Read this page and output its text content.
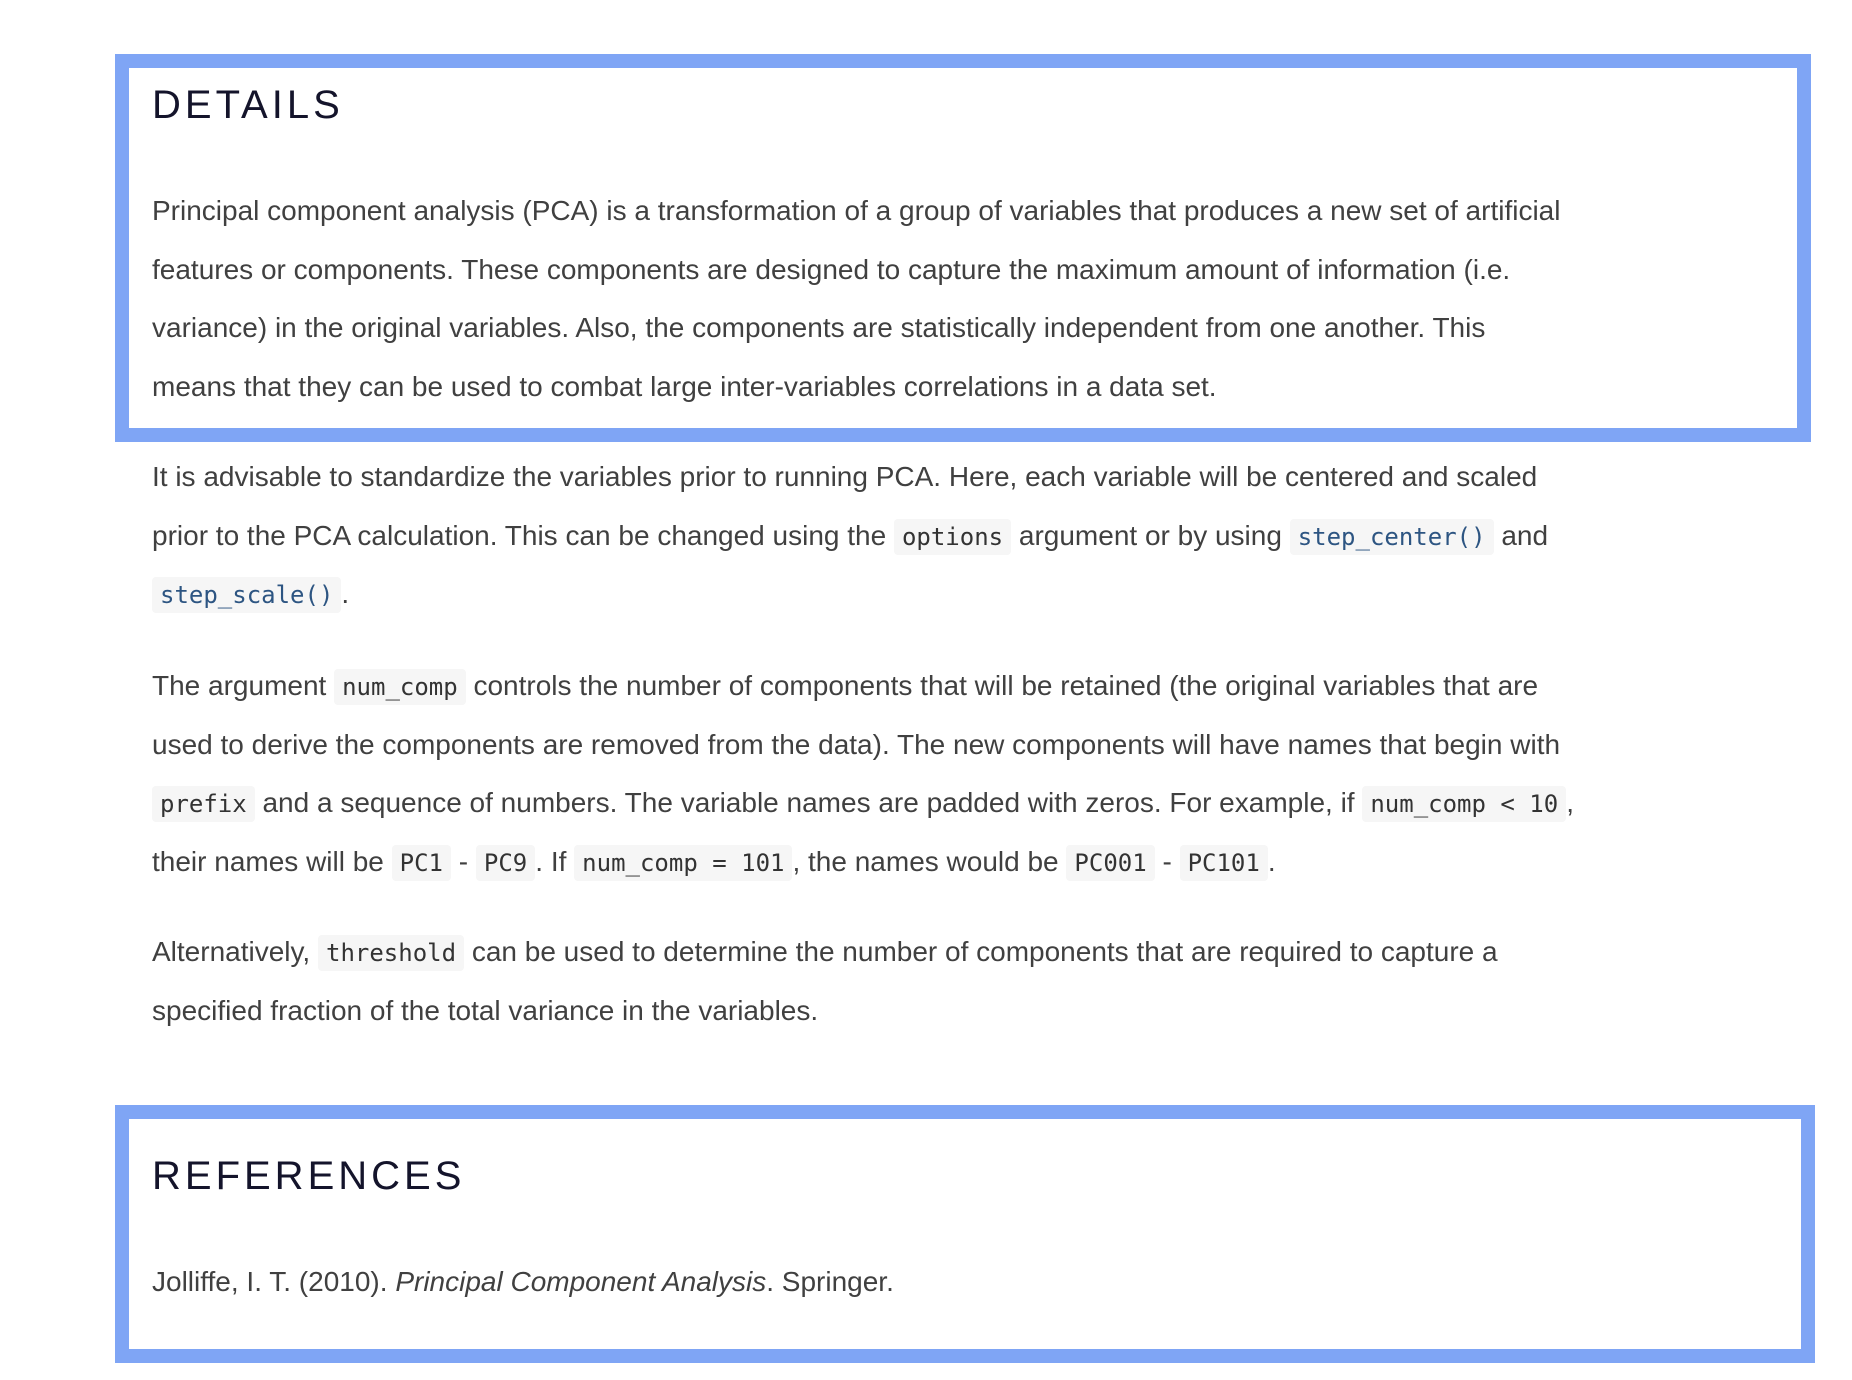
DETAILS
Principal component analysis (PCA) is a transformation of a group of variables that produces a new set of artificial
features or components. These components are designed to capture the maximum amount of information (i.e.
variance) in the original variables. Also, the components are statistically independent from one another. This
means that they can be used to combat large inter-variables correlations in a data set.
It is advisable to standardize the variables prior to running PCA. Here, each variable will be centered and scaled
prior to the PCA calculation. This can be changed using the options argument or by using step_center() and
step_scale() .
The argument num_comp controls the number of components that will be retained (the original variables that are
used to derive the components are removed from the data). The new components will have names that begin with
prefix and a sequence of numbers. The variable names are padded with zeros. For example, if num_comp < 10 ,
their names will be PC1 - PC9 . If num_comp = 101 , the names would be PC001 - PC101 .
Alternatively, threshold can be used to determine the number of components that are required to capture a
specified fraction of the total variance in the variables.
REFERENCES
Jolliffe, I. T. (2010). Principal Component Analysis. Springer.
